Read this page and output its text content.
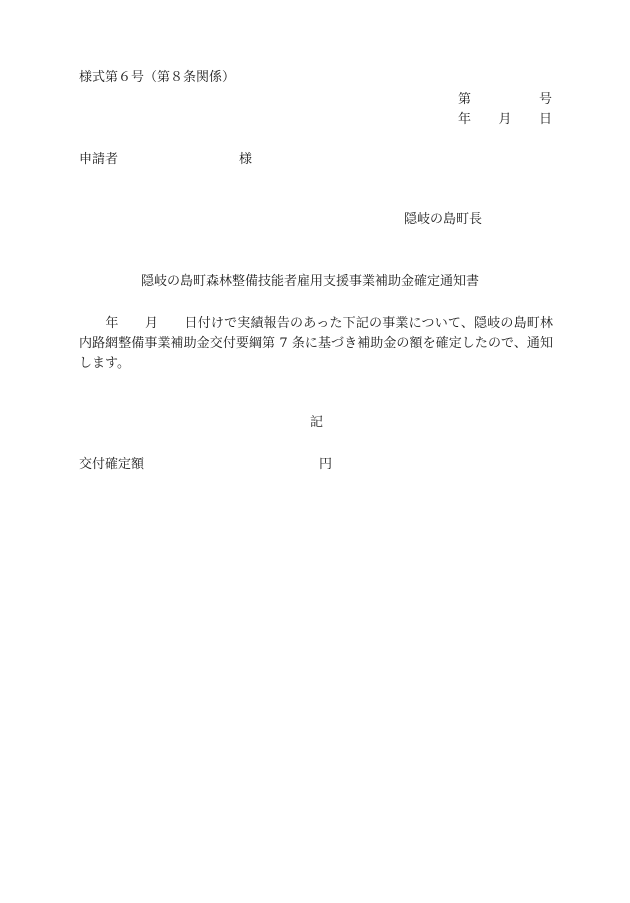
様式第６号（第８条関係）
第	号
年 月 日
申請者	様
隠岐の島町長
隠岐の島町森林整備技能者雇用支援事業補助金確定通知書

　　年　　月　　日付けで実績報告のあった下記の事業について、隠岐の島町林内路網整備事業補助金交付要綱第 7 条に基づき補助金の額を確定したので、通知します。

記
交付確定額	円
